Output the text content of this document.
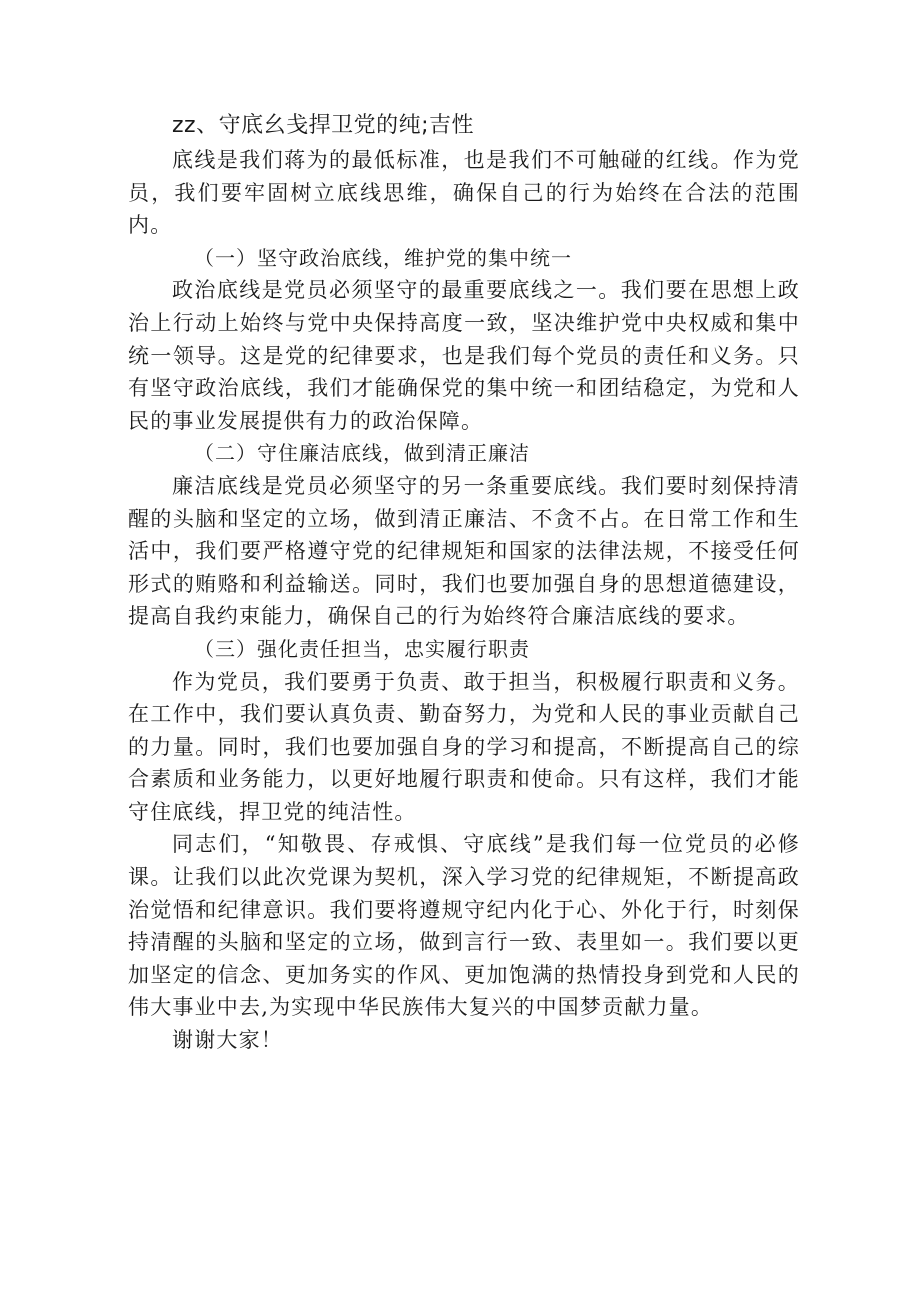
zz、守底幺戋捍卫党的纯;吉性

底线是我们蒋为的最低标准，也是我们不可触碰的红线。作为党员，我们要牢固树立底线思维，确保自己的行为始终在合法的范围内。

（一）坚守政治底线，维护党的集中统一

政治底线是党员必须坚守的最重要底线之一。我们要在思想上政治上行动上始终与党中央保持高度一致，坚决维护党中央权威和集中统一领导。这是党的纪律要求，也是我们每个党员的责任和义务。只有坚守政治底线，我们才能确保党的集中统一和团结稳定，为党和人民的事业发展提供有力的政治保障。

（二）守住廉洁底线，做到清正廉洁

廉洁底线是党员必须坚守的另一条重要底线。我们要时刻保持清醒的头脑和坚定的立场，做到清正廉洁、不贪不占。在日常工作和生活中，我们要严格遵守党的纪律规矩和国家的法律法规，不接受任何形式的贿赂和利益输送。同时，我们也要加强自身的思想道德建设，提高自我约束能力，确保自己的行为始终符合廉洁底线的要求。

（三）强化责任担当，忠实履行职责

作为党员，我们要勇于负责、敢于担当，积极履行职责和义务。在工作中，我们要认真负责、勤奋努力，为党和人民的事业贡献自己的力量。同时，我们也要加强自身的学习和提高，不断提高自己的综合素质和业务能力，以更好地履行职责和使命。只有这样，我们才能守住底线，捍卫党的纯洁性。

同志们，“知敬畏、存戒惧、守底线”是我们每一位党员的必修课。让我们以此次党课为契机，深入学习党的纪律规矩，不断提高政治觉悟和纪律意识。我们要将遵规守纪内化于心、外化于行，时刻保持清醒的头脑和坚定的立场，做到言行一致、表里如一。我们要以更加坚定的信念、更加务实的作风、更加饱满的热情投身到党和人民的伟大事业中去,为实现中华民族伟大复兴的中国梦贡献力量。

谢谢大家！
